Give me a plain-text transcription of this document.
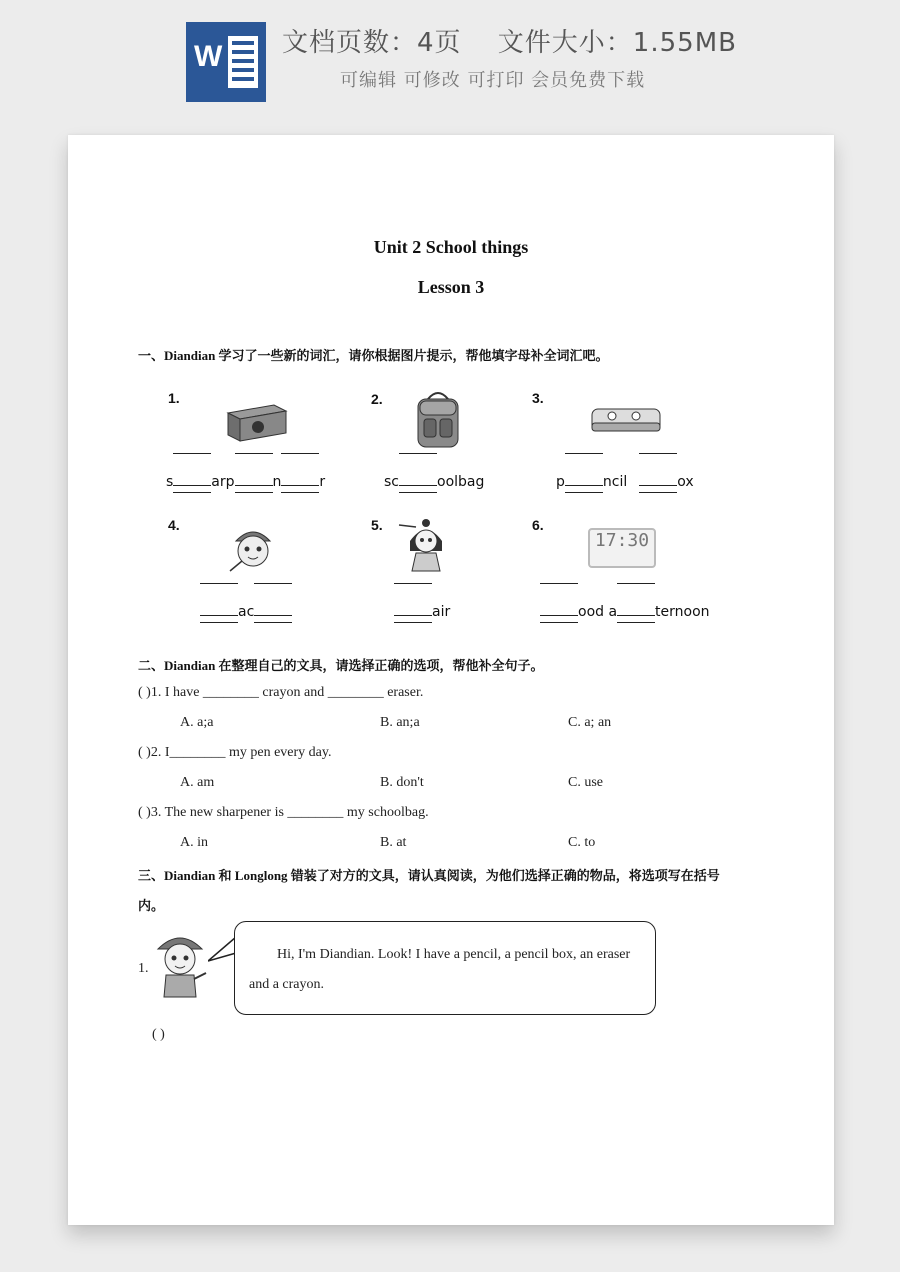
W 文档页数：4页　 文件大小：1.55MB
可编辑 可修改 可打印 会员免费下载
Unit 2 School things
Lesson 3
一、Diandian 学习了一些新的词汇，请你根据图片提示，帮他填字母补全词汇吧。
1.
s	arp	n	r
2.
sc	oolbag
3.
p	ncil	ox
4.
ac
5.
air
6.
17:30
ood a	ternoon
二、Diandian 在整理自己的文具，请选择正确的选项，帮他补全句子。
( )1. I have ________ crayon and ________ eraser.
A. a;a	B. an;a	C. a; an
( )2. I________ my pen every day.
A. am	B. don't	C. use
( )3. The new sharpener is ________ my schoolbag.
A. in	B. at	C. to
三、Diandian 和 Longlong 错装了对方的文具，请认真阅读，为他们选择正确的物品，将选项写在括号
内。
1.
Hi, I'm Diandian. Look! I have a pencil, a pencil box, an eraser and a crayon.
( )
